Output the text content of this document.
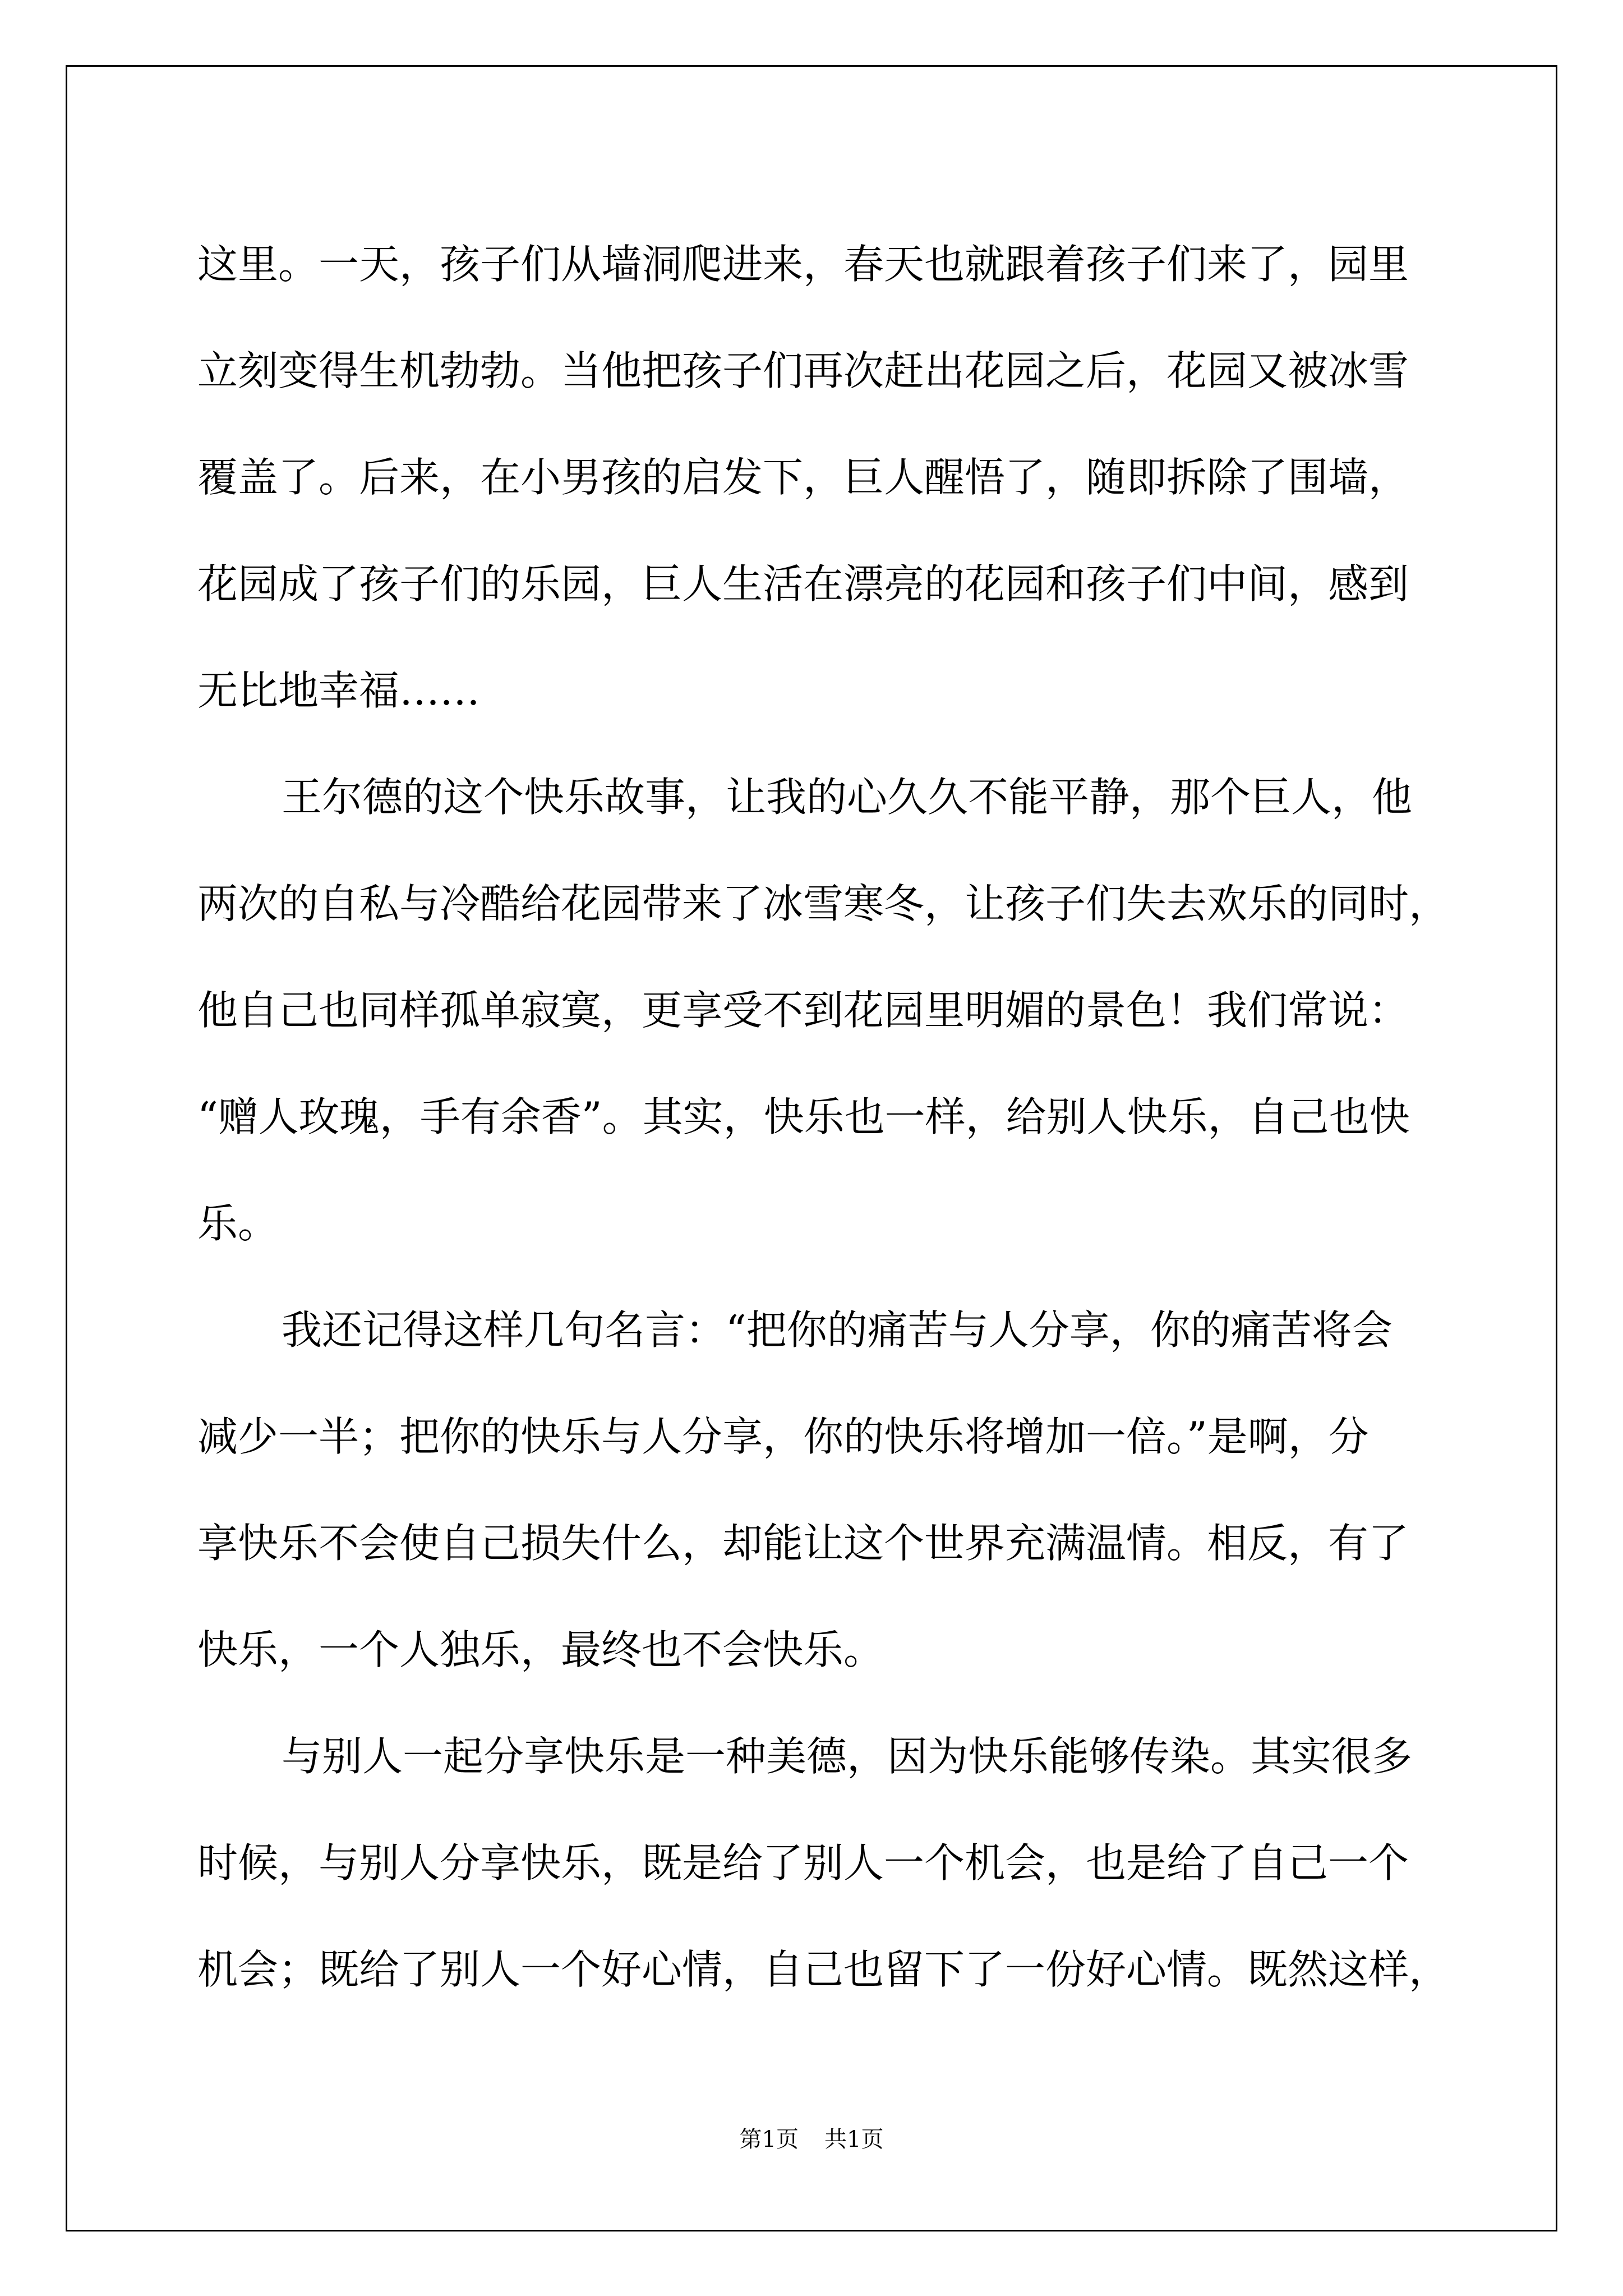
这里。一天，孩子们从墙洞爬进来，春天也就跟着孩子们来了，园里
立刻变得生机勃勃。当他把孩子们再次赶出花园之后，花园又被冰雪
覆盖了。后来，在小男孩的启发下，巨人醒悟了，随即拆除了围墙，
花园成了孩子们的乐园，巨人生活在漂亮的花园和孩子们中间，感到
无比地幸福……
王尔德的这个快乐故事，让我的心久久不能平静，那个巨人，他
两次的自私与冷酷给花园带来了冰雪寒冬，让孩子们失去欢乐的同时，
他自己也同样孤单寂寞，更享受不到花园里明媚的景色！我们常说：
“赠人玫瑰，手有余香”。其实，快乐也一样，给别人快乐，自己也快
乐。
我还记得这样几句名言：“把你的痛苦与人分享，你的痛苦将会
减少一半；把你的快乐与人分享，你的快乐将增加一倍。”是啊，分
享快乐不会使自己损失什么，却能让这个世界充满温情。相反，有了
快乐，一个人独乐，最终也不会快乐。
与别人一起分享快乐是一种美德，因为快乐能够传染。其实很多
时候，与别人分享快乐，既是给了别人一个机会，也是给了自己一个
机会；既给了别人一个好心情，自己也留下了一份好心情。既然这样，
第1页 共1页
